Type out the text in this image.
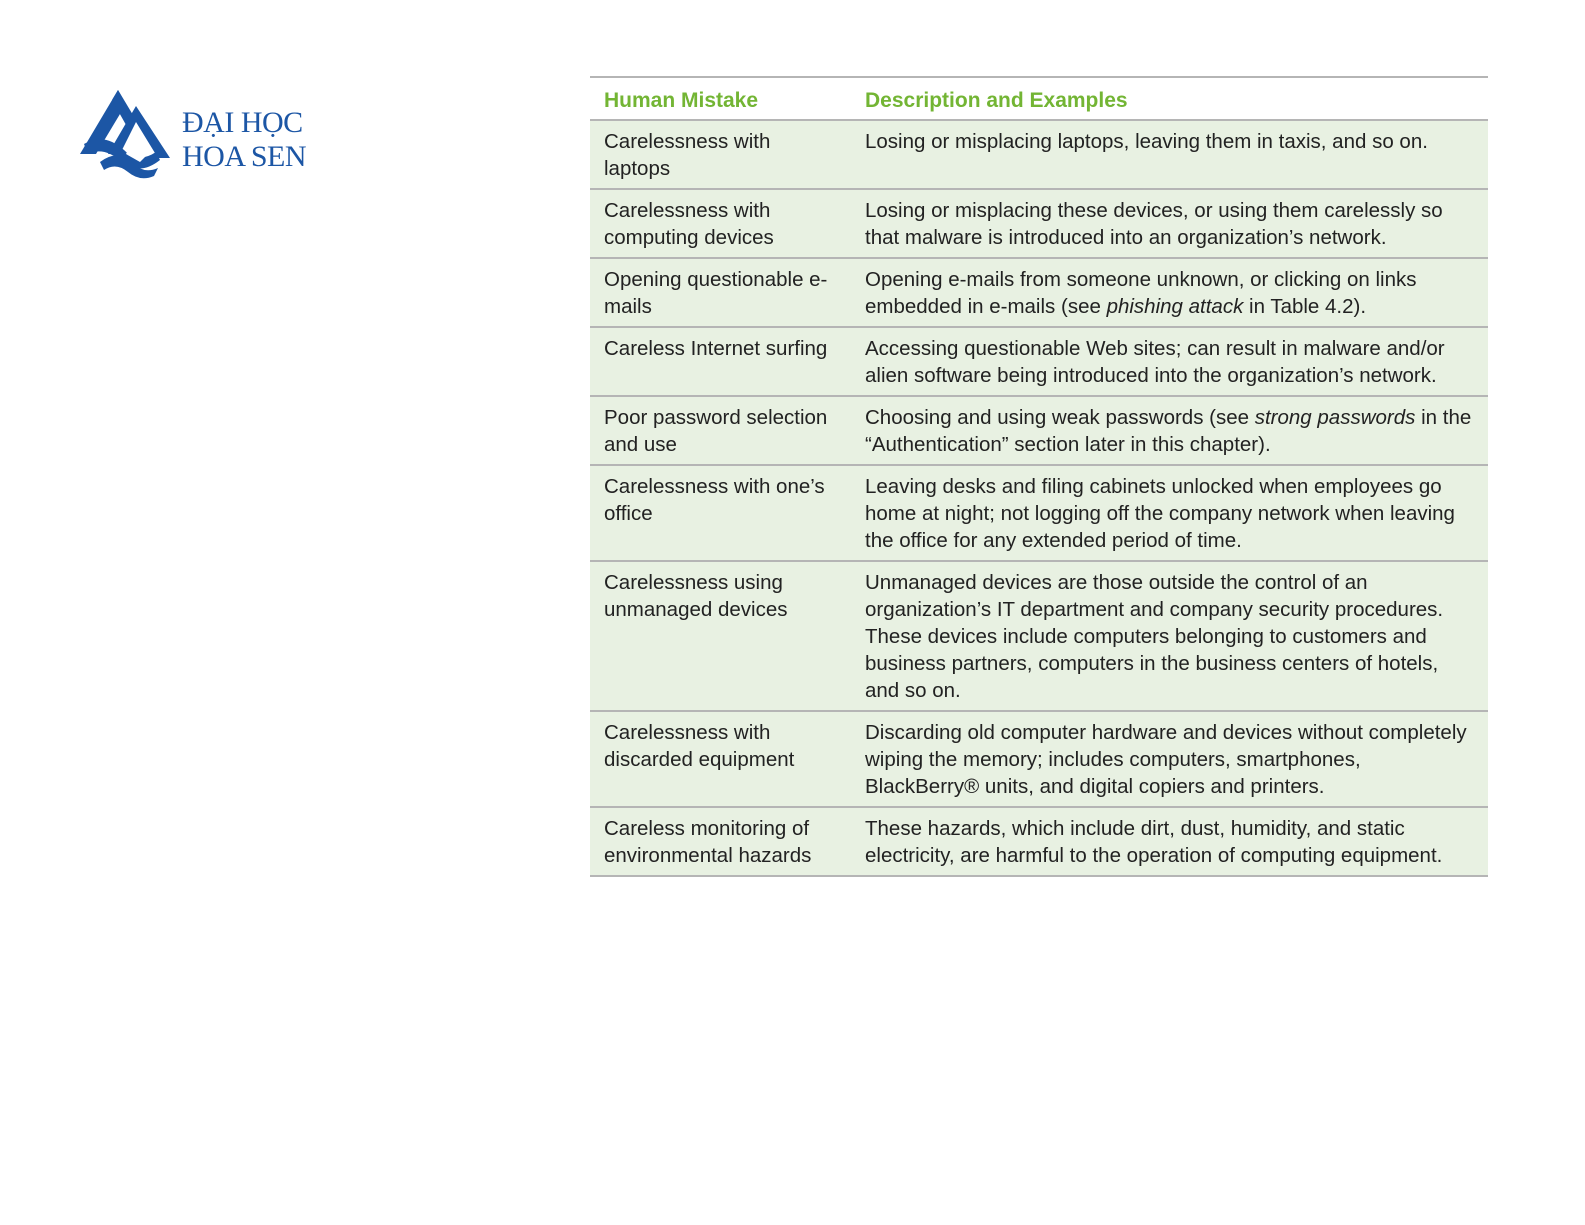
ĐẠI HỌC
HOA SEN
Human Mistake	Description and Examples
Carelessness with laptops	Losing or misplacing laptops, leaving them in taxis, and so on.
Carelessness with computing devices	Losing or misplacing these devices, or using them carelessly so that malware is introduced into an organization’s network.
Opening questionable e-mails	Opening e-mails from someone unknown, or clicking on links embedded in e-mails (see phishing attack in Table 4.2).
Careless Internet surfing	Accessing questionable Web sites; can result in malware and/or alien software being introduced into the organization’s network.
Poor password selection and use	Choosing and using weak passwords (see strong passwords in the “Authentication” section later in this chapter).
Carelessness with one’s office	Leaving desks and filing cabinets unlocked when employees go home at night; not logging off the company network when leaving the office for any extended period of time.
Carelessness using unmanaged devices	Unmanaged devices are those outside the control of an organization’s IT department and company security procedures. These devices include computers belonging to customers and business partners, computers in the business centers of hotels, and so on.
Carelessness with discarded equipment	Discarding old computer hardware and devices without completely wiping the memory; includes computers, smartphones, BlackBerry® units, and digital copiers and printers.
Careless monitoring of environmental hazards	These hazards, which include dirt, dust, humidity, and static electricity, are harmful to the operation of computing equipment.
